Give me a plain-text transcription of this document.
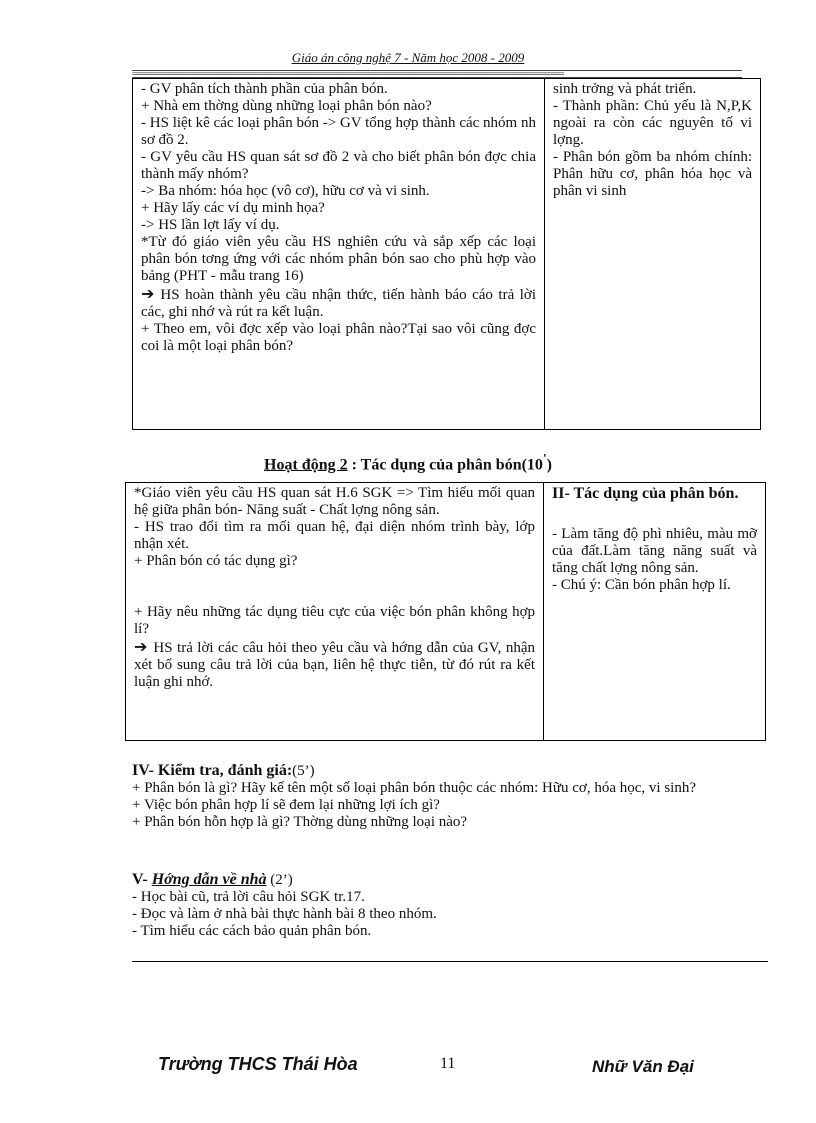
Giáo án công nghệ 7 - Năm học 2008 - 2009
=================================================================================================================
- GV phân tích thành phần của phân bón.
+ Nhà em thờng dùng những loại phân bón nào?
- HS liệt kê các loại phân bón -> GV tổng hợp thành các nhóm nh sơ đồ 2.
- GV yêu cầu HS quan sát sơ đồ 2 và cho biết phân bón đợc chia thành mấy nhóm?
-> Ba nhóm: hóa học (vô cơ), hữu cơ và vi sinh.
+ Hãy lấy các ví dụ minh họa?
-> HS lần lợt lấy ví dụ.
*Từ đó giáo viên yêu cầu HS nghiên cứu và sắp xếp các loại phân bón tơng ứng với các nhóm phân bón sao cho phù hợp vào bảng (PHT - mẫu trang 16)
➔ HS hoàn thành yêu cầu nhận thức, tiến hành báo cáo trả lời các, ghi nhớ và rút ra kết luận.
+ Theo em, vôi đợc xếp vào loại phân nào?Tại sao vôi cũng đợc coi là một loại phân bón?

sinh trởng và phát triển.
- Thành phần: Chủ yếu là N,P,K ngoài ra còn các nguyên tố vi lợng.
- Phân bón gồm ba nhóm chính: Phân hữu cơ, phân hóa học và phân vi sinh
Hoạt động 2 : Tác dụng của phân bón(10')
*Giáo viên yêu cầu HS quan sát H.6 SGK => Tìm hiểu mối quan hệ giữa phân bón- Năng suất - Chất lợng nông sản.
- HS trao đổi tìm ra mối quan hệ, đại diện nhóm trình bày, lớp nhận xét.
+ Phân bón có tác dụng gì?
+ Hãy nêu những tác dụng tiêu cực của việc bón phân không hợp lí?
➔ HS trả lời các câu hỏi theo yêu cầu và hớng dẫn của GV, nhận xét bổ sung câu trả lời của bạn, liên hệ thực tiễn, từ đó rút ra kết luận ghi nhớ.

II- Tác dụng của phân bón.
- Làm tăng độ phì nhiêu, màu mỡ của đất.Làm tăng năng suất và tăng chất lợng nông sản.
- Chú ý: Cần bón phân hợp lí.
IV- Kiểm tra, đánh giá:(5’)
+ Phân bón là gì? Hãy kể tên một số loại phân bón thuộc các nhóm: Hữu cơ, hóa học, vi sinh?
+ Việc bón phân hợp lí sẽ đem lại những lợi ích gì?
+ Phân bón hỗn hợp là gì? Thờng dùng những loại nào?
V- Hớng dẫn về nhà (2’)
- Học bài cũ, trả lời câu hỏi SGK tr.17.
- Đọc và làm ở nhà bài thực hành bài 8 theo nhóm.
- Tìm hiểu các cách bảo quản phân bón.
Trường THCS Thái Hòa	11	Nhữ Văn Đại
